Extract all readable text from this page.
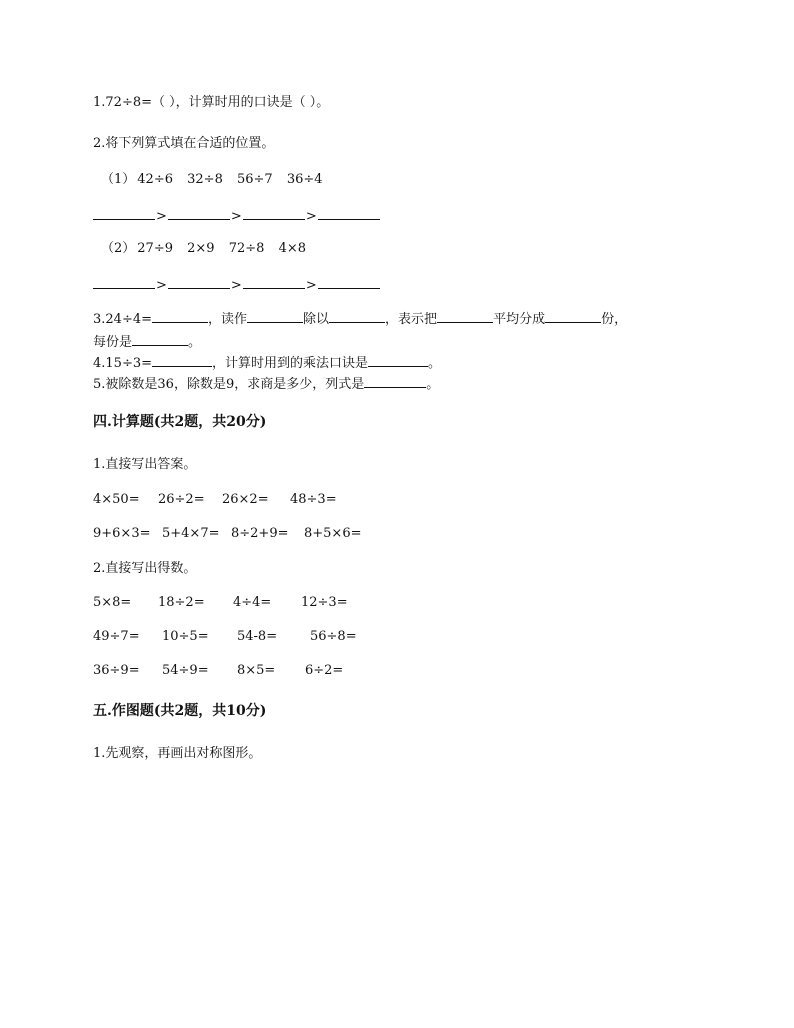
1.72÷8=（ ），计算时用的口诀是（ ）。
2.将下列算式填在合适的位置。
（1） 42÷6 32÷8 56÷7 36÷4
>	>	>
（2） 27÷9 2×9 72÷8 4×8
>	>	>
3.24÷4=	，读作	除以	，表示把	平均分成	份，
每份是	。
4.15÷3=	，计算时用到的乘法口诀是	。
5.被除数是36，除数是9，求商是多少，列式是	。
四.计算题(共2题，共20分)
1.直接写出答案。
4×50= 26÷2= 26×2= 48÷3=
9+6×3= 5+4×7= 8÷2+9= 8+5×6=
2.直接写出得数。
5×8= 18÷2= 4÷4= 12÷3=
49÷7= 10÷5= 54-8=	56÷8=
36÷9= 54÷9= 8×5= 6÷2=
五.作图题(共2题，共10分)
1.先观察，再画出对称图形。
